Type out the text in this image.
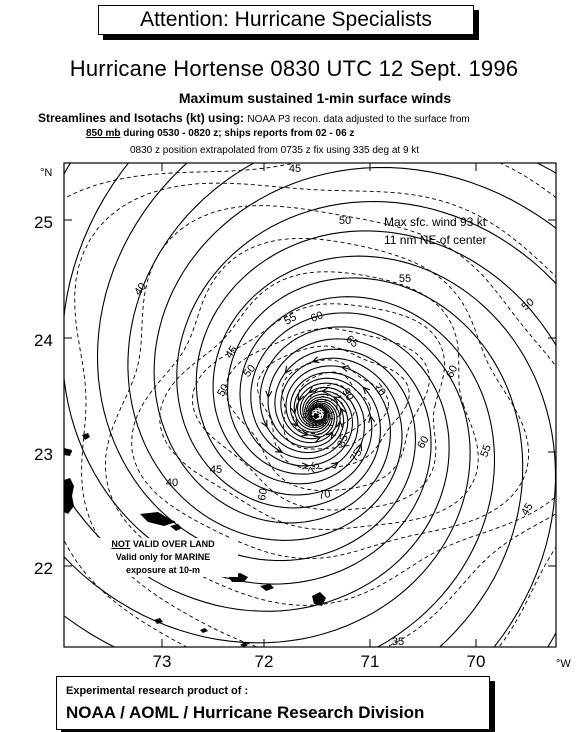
Attention: Hurricane Specialists
Hurricane Hortense 0830 UTC 12 Sept. 1996
Maximum sustained 1-min surface winds
Streamlines and Isotachs (kt) using: NOAA P3 recon. data adjusted to the surface from
850 mb during 0530 - 0820 z; ships reports from 02 - 06 z
0830 z position extrapolated from 0735 z fix using 335 deg at 9 kt
45
50
55
40
50
45
50
55 60
65
70
90
60
60
55
50
85
75
75
70
60
45
40
35
45
25
24
23
22
73	72	71	70
°N
°W
Max sfc. wind 93 kt
11 nm NE of center
NOT VALID OVER LAND
Valid only for MARINE
exposure at 10-m
Experimental research product of :
NOAA / AOML / Hurricane Research Division
